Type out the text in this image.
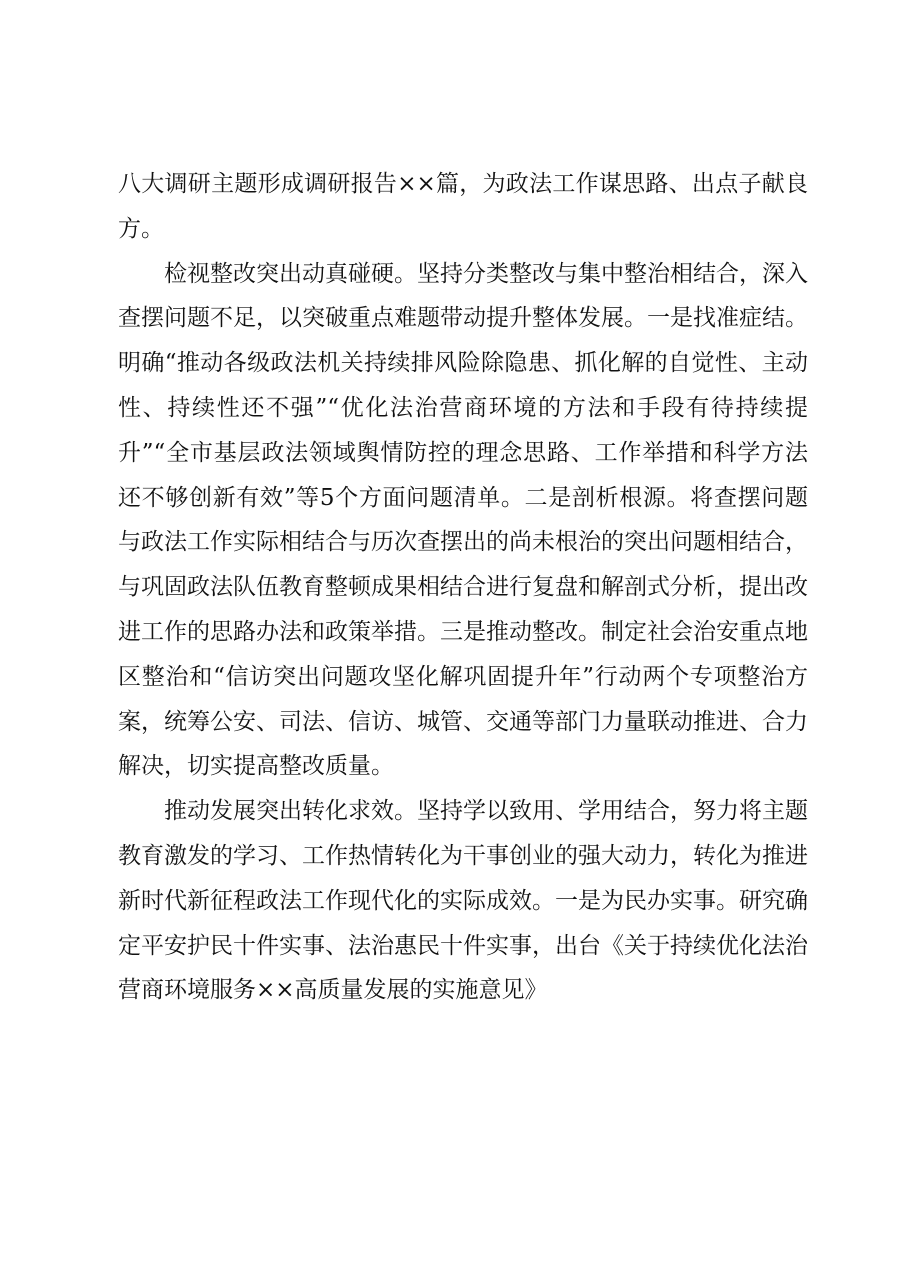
八大调研主题形成调研报告××篇，为政法工作谋思路、出点子献良方。

检视整改突出动真碰硬。坚持分类整改与集中整治相结合，深入查摆问题不足，以突破重点难题带动提升整体发展。一是找准症结。明确“推动各级政法机关持续排风险除隐患、抓化解的自觉性、主动性、持续性还不强”“优化法治营商环境的方法和手段有待持续提升”“全市基层政法领域舆情防控的理念思路、工作举措和科学方法还不够创新有效”等5个方面问题清单。二是剖析根源。将查摆问题与政法工作实际相结合与历次查摆出的尚未根治的突出问题相结合，与巩固政法队伍教育整顿成果相结合进行复盘和解剖式分析，提出改进工作的思路办法和政策举措。三是推动整改。制定社会治安重点地区整治和“信访突出问题攻坚化解巩固提升年”行动两个专项整治方案，统筹公安、司法、信访、城管、交通等部门力量联动推进、合力解决，切实提高整改质量。

推动发展突出转化求效。坚持学以致用、学用结合，努力将主题教育激发的学习、工作热情转化为干事创业的强大动力，转化为推进新时代新征程政法工作现代化的实际成效。一是为民办实事。研究确定平安护民十件实事、法治惠民十件实事，出台《关于持续优化法治营商环境服务××高质量发展的实施意见》
